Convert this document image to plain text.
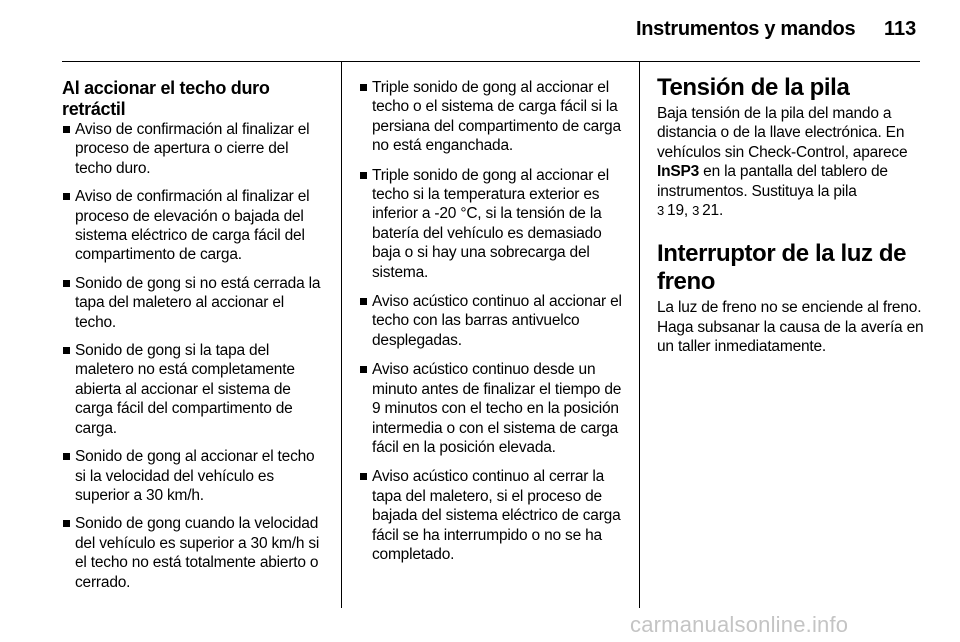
Instrumentos y mandos 113
Al accionar el techo duro retráctil
Aviso de confirmación al finalizar el proceso de apertura o cierre del techo duro.
Aviso de confirmación al finalizar el proceso de elevación o bajada del sistema eléctrico de carga fácil del compartimento de carga.
Sonido de gong si no está cerrada la tapa del maletero al accionar el techo.
Sonido de gong si la tapa del maletero no está completamente abierta al accionar el sistema de carga fácil del compartimento de carga.
Sonido de gong al accionar el techo si la velocidad del vehículo es superior a 30 km/h.
Sonido de gong cuando la velocidad del vehículo es superior a 30 km/h si el techo no está totalmente abierto o cerrado.
Triple sonido de gong al accionar el techo o el sistema de carga fácil si la persiana del compartimento de carga no está enganchada.
Triple sonido de gong al accionar el techo si la temperatura exterior es inferior a -20 °C, si la tensión de la batería del vehículo es demasiado baja o si hay una sobrecarga del sistema.
Aviso acústico continuo al accionar el techo con las barras antivuelco desplegadas.
Aviso acústico continuo desde un minuto antes de finalizar el tiempo de 9 minutos con el techo en la posición intermedia o con el sistema de carga fácil en la posición elevada.
Aviso acústico continuo al cerrar la tapa del maletero, si el proceso de bajada del sistema eléctrico de carga fácil se ha interrumpido o no se ha completado.
Tensión de la pila

Baja tensión de la pila del mando a distancia o de la llave electrónica. En vehículos sin Check-Control, aparece InSP3 en la pantalla del tablero de instrumentos. Sustituya la pila
3 19, 3 21.

Interruptor de la luz de freno

La luz de freno no se enciende al freno. Haga subsanar la causa de la avería en un taller inmediatamente.

carmanualsonline.info
